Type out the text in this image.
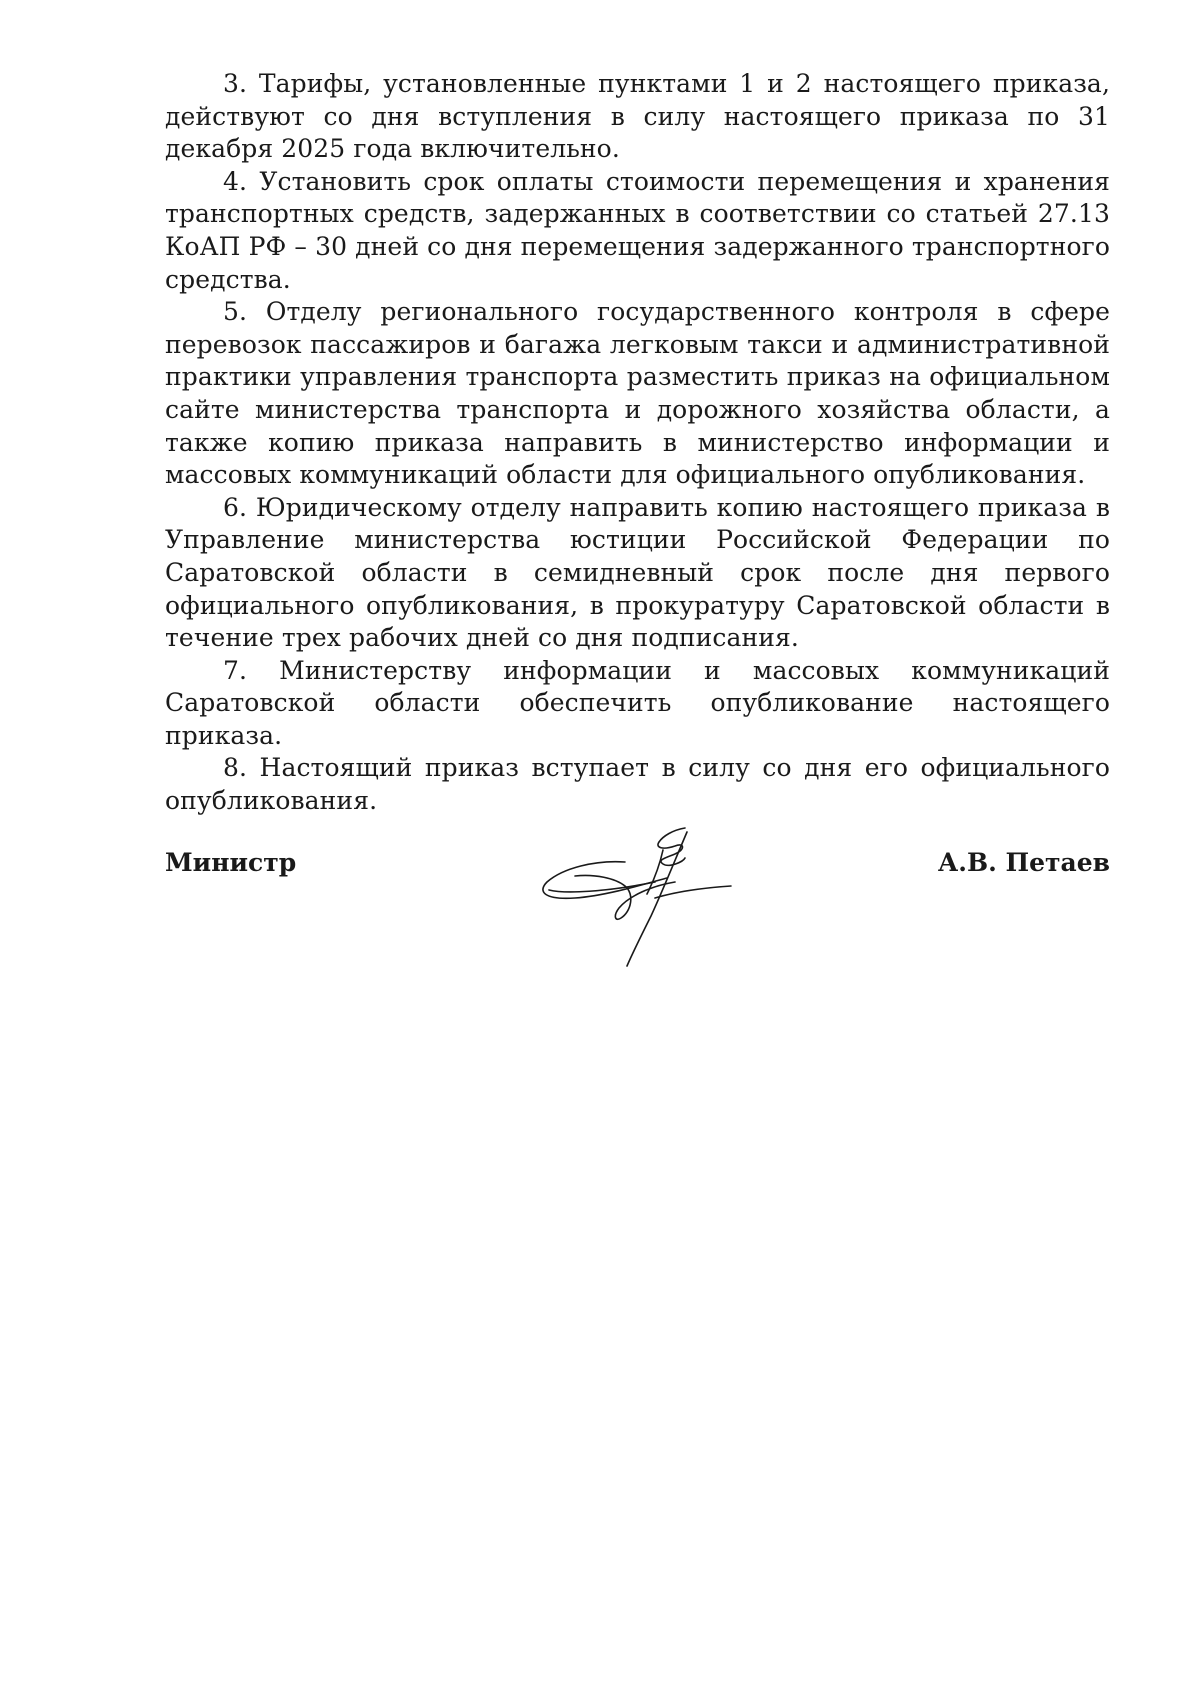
3. Тарифы, установленные пунктами 1 и 2 настоящего приказа, действуют со дня вступления в силу настоящего приказа по 31 декабря 2025 года включительно.

4. Установить срок оплаты стоимости перемещения и хранения транспортных средств, задержанных в соответствии со статьей 27.13 КоАП РФ – 30 дней со дня перемещения задержанного транспортного средства.

5. Отделу регионального государственного контроля в сфере перевозок пассажиров и багажа легковым такси и административной практики управления транспорта разместить приказ на официальном сайте министерства транспорта и дорожного хозяйства области, а также копию приказа направить в министерство информации и массовых коммуникаций области для официального опубликования.

6. Юридическому отделу направить копию настоящего приказа в Управление министерства юстиции Российской Федерации по Саратовской области в семидневный срок после дня первого официального опубликования, в прокуратуру Саратовской области в течение трех рабочих дней со дня подписания.

7. Министерству информации и массовых коммуникаций Саратовской области обеспечить опубликование настоящего приказа.

8. Настоящий приказ вступает в силу со дня его официального опубликования.

Министр	А.В. Петаев
